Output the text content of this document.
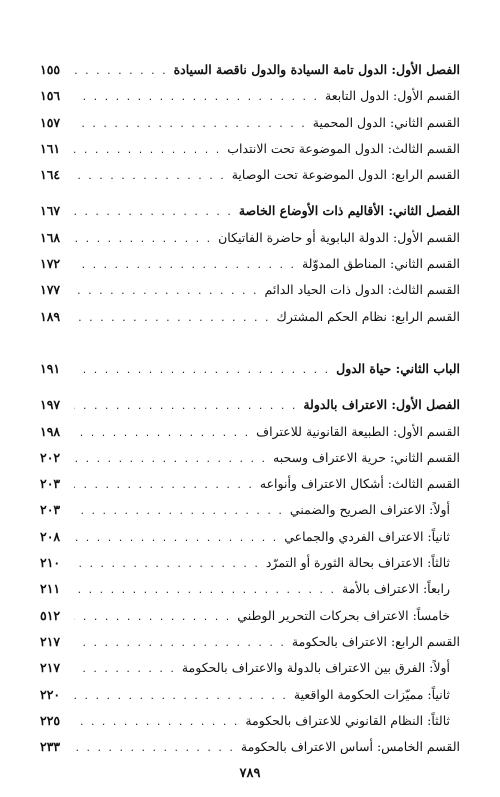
الفصل الأول: الدول تامة السيادة والدول ناقصة السيادة
. . .
١٥٥
القسم الأول: الدول التابعة
. . .
١٥٦
القسم الثاني: الدول المحمية
. . .
١٥٧
القسم الثالث: الدول الموضوعة تحت الانتداب
. . .
١٦١
القسم الرابع: الدول الموضوعة تحت الوصاية
. . .
١٦٤
الفصل الثاني: الأقاليم ذات الأوضاع الخاصة
. . .
١٦٧
القسم الأول: الدولة البابوية أو حاضرة الفاتيكان
. . .
١٦٨
القسم الثاني: المناطق المدوّلة
. . .
١٧٢
القسم الثالث: الدول ذات الحياد الدائم
. . .
١٧٧
القسم الرابع: نظام الحكم المشترك
. . .
١٨٩
الباب الثاني: حياة الدول
. . .
١٩١
الفصل الأول: الاعتراف بالدولة
. . .
١٩٧
القسم الأول: الطبيعة القانونية للاعتراف
. . .
١٩٨
القسم الثاني: حرية الاعتراف وسحبه
. . .
٢٠٢
القسم الثالث: أشكال الاعتراف وأنواعه
. . .
٢٠٣
أولاً: الاعتراف الصريح والضمني
. . .
٢٠٣
ثانياً: الاعتراف الفردي والجماعي
. . .
٢٠٨
ثالثاً: الاعتراف بحالة الثورة أو التمرّد
. . .
٢١٠
رابعاً: الاعتراف بالأمة
. . .
٢١١
خامساً: الاعتراف بحركات التحرير الوطني
. . .
٥١٢
القسم الرابع: الاعتراف بالحكومة
. . .
٢١٧
أولاً: الفرق بين الاعتراف بالدولة والاعتراف بالحكومة
. . .
٢١٧
ثانياً: مميّزات الحكومة الواقعية
. . .
٢٢٠
ثالثاً: النظام القانوني للاعتراف بالحكومة
. . .
٢٢٥
القسم الخامس: أساس الاعتراف بالحكومة
. . .
٢٣٣
٧٨٩
